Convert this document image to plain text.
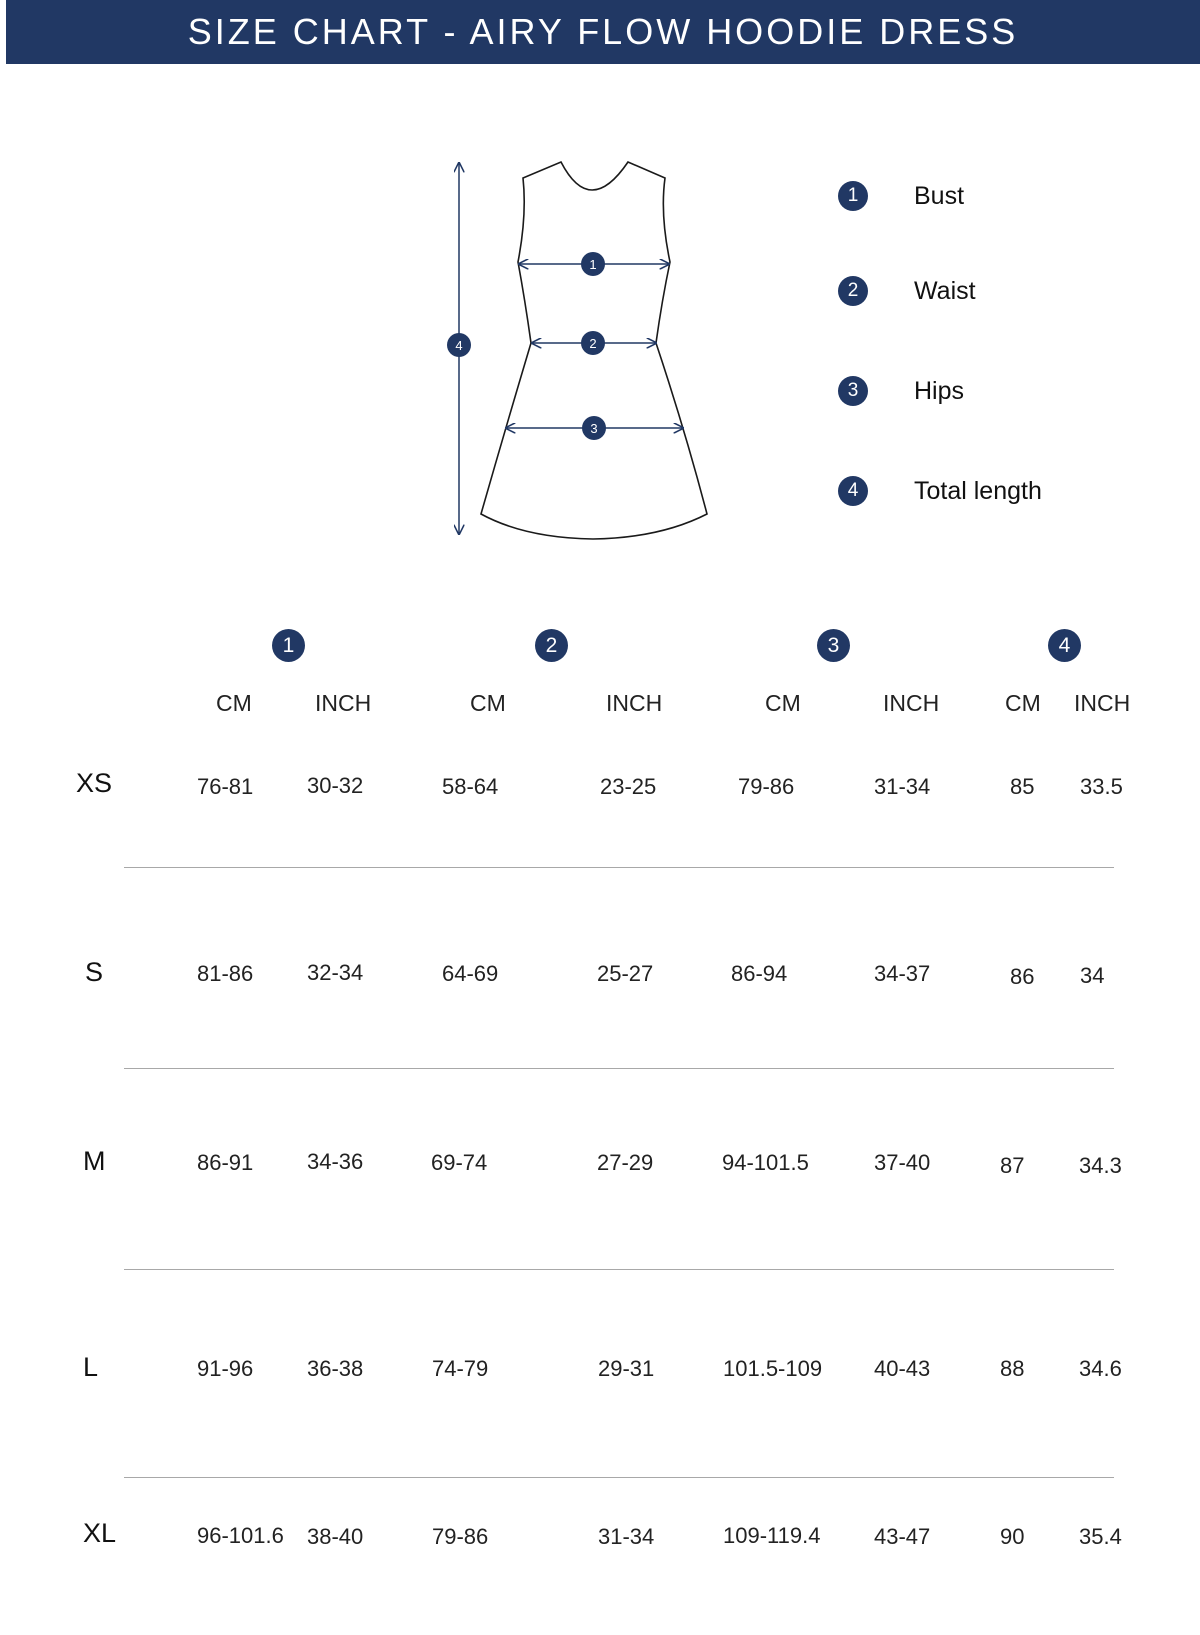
SIZE CHART - AIRY FLOW HOODIE DRESS
1
2
3
4
1	Bust
2	Waist
3	Hips
4	Total length
1	2	3	4
CM	INCH	CM	INCH	CM	INCH	CM INCH
XS	76-81 30-32	58-64	23-25	79-86	31-34	85 33.5
S	81-86 32-34	64-69	25-27	86-94	34-37	86 34
M	86-91 34-36	69-74	27-29	94-101.5	37-40	87 34.3
L	91-96 36-38	74-79	29-31	101.5-109 40-43	88 34.6
XL	96-101.6 38-40	79-86	31-34	109-119.4 43-47	90 35.4
